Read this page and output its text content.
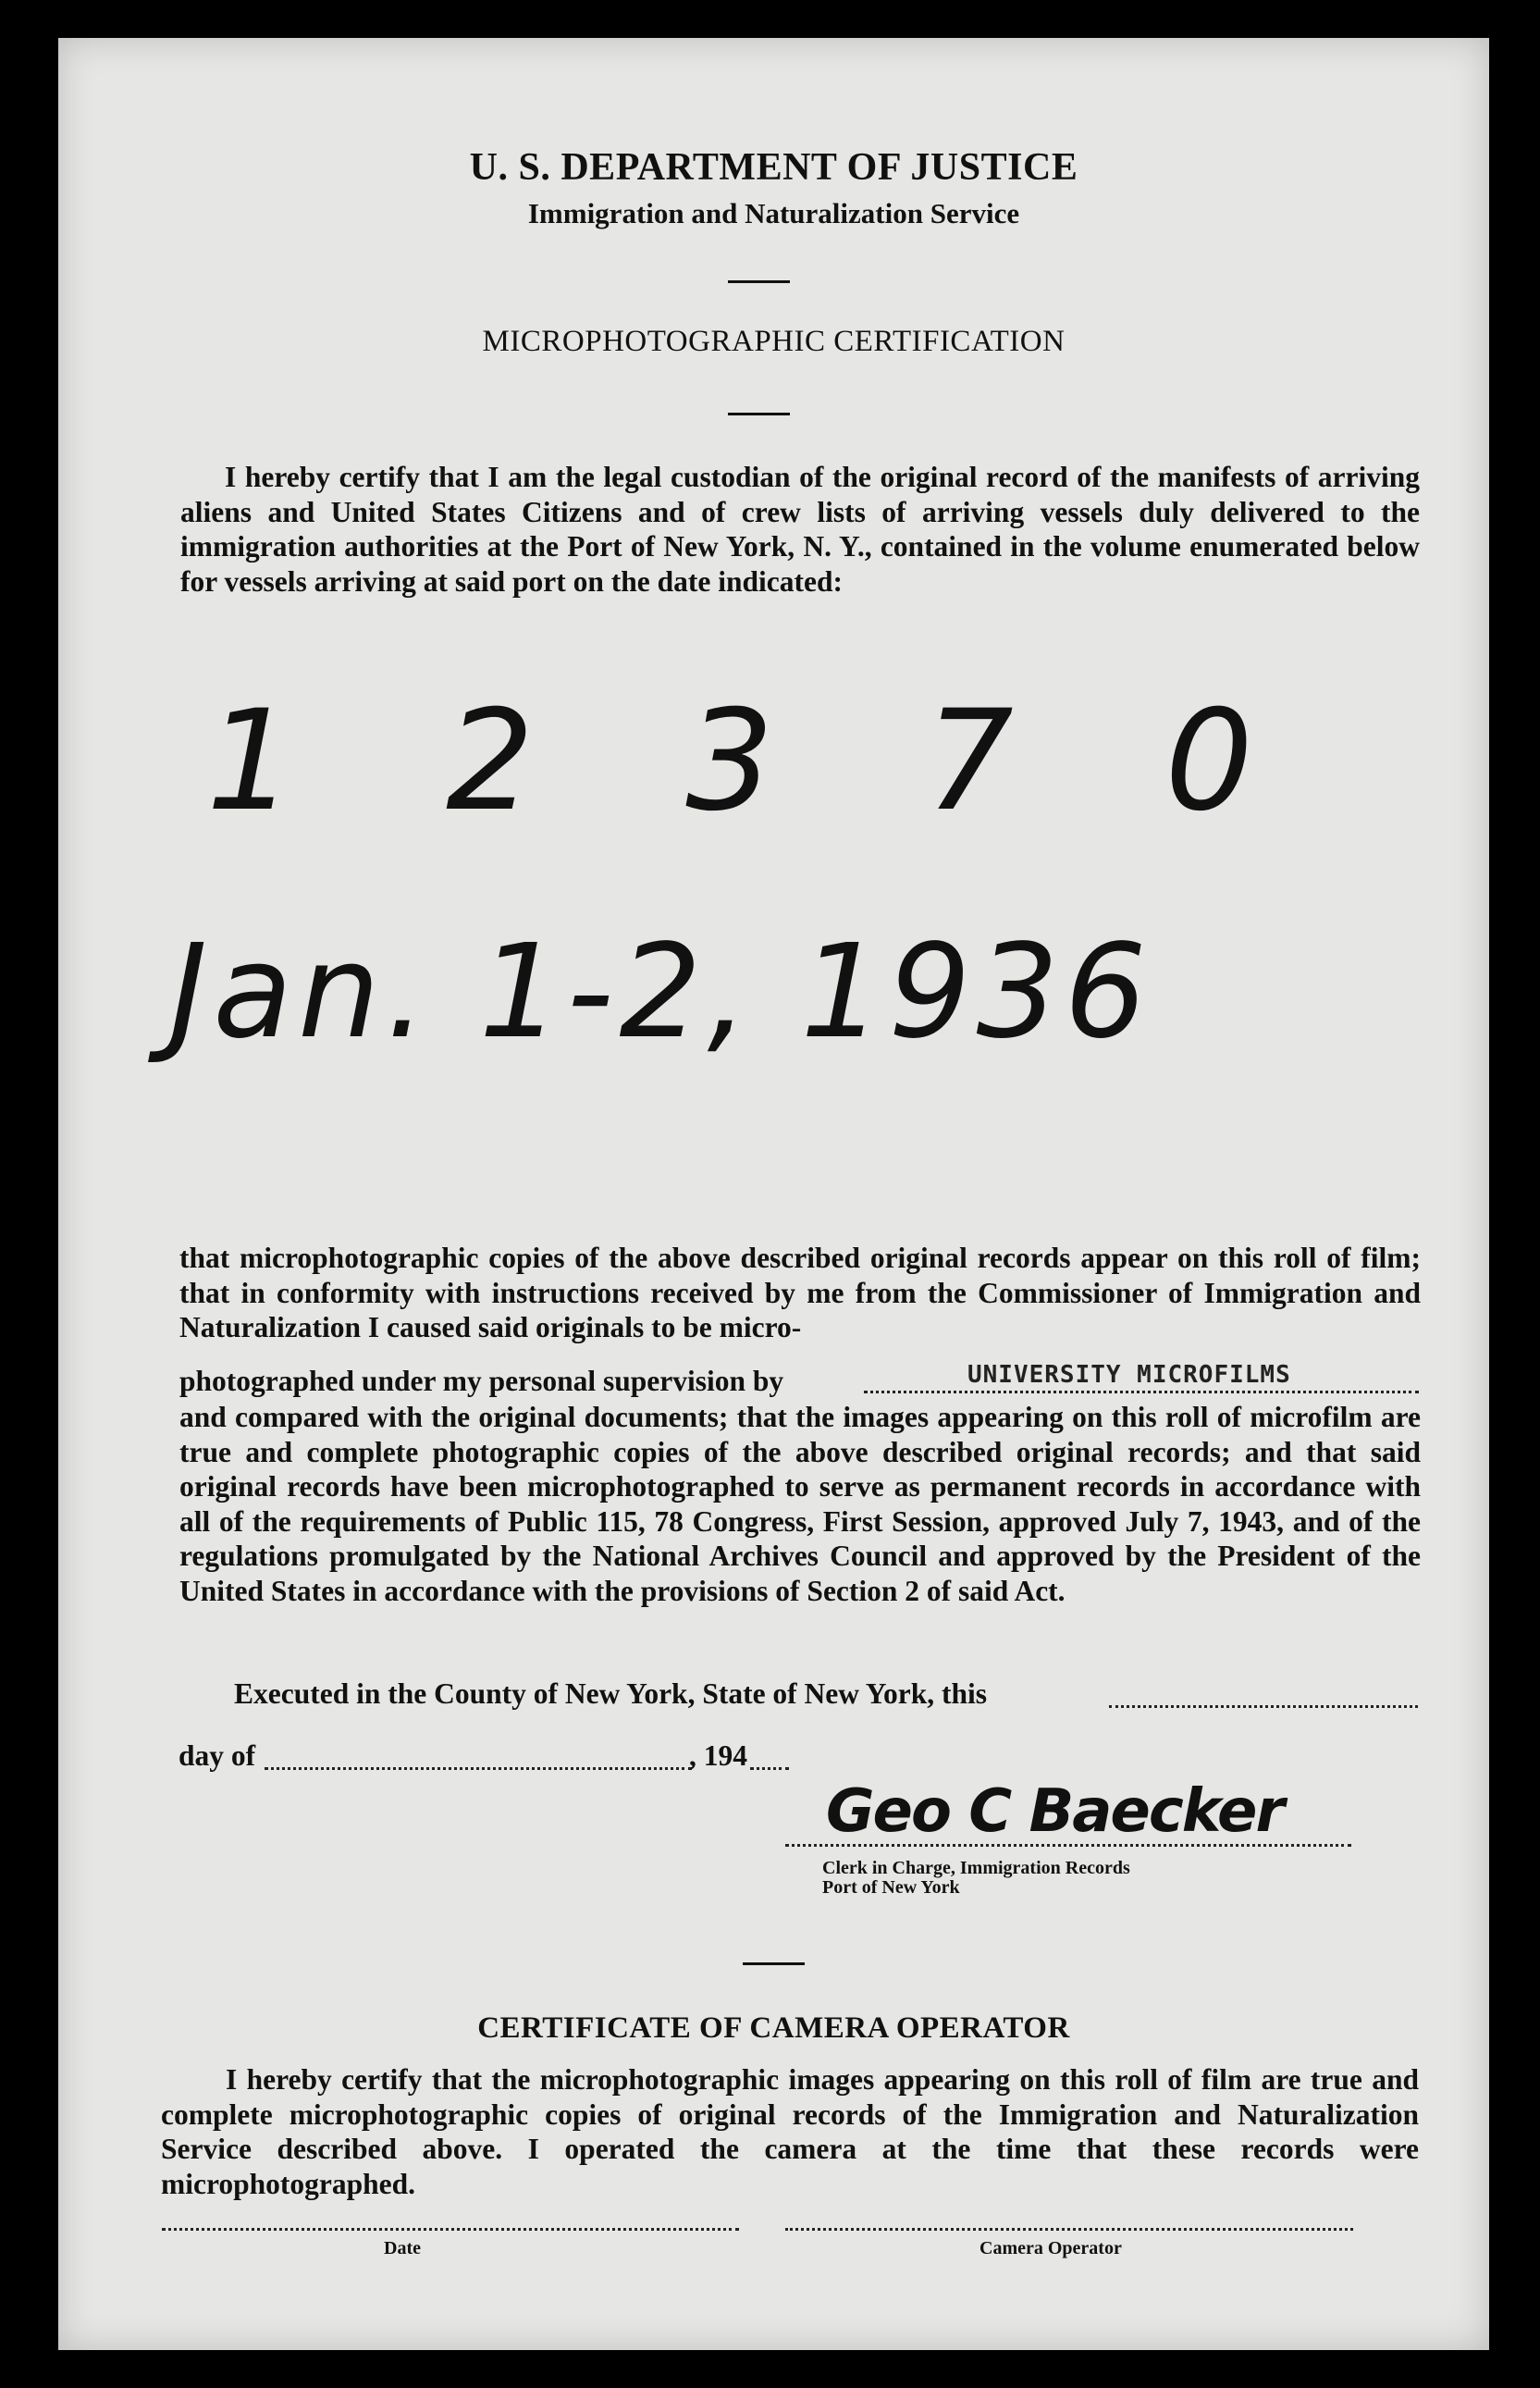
U. S. DEPARTMENT OF JUSTICE
Immigration and Naturalization Service
MICROPHOTOGRAPHIC CERTIFICATION
I hereby certify that I am the legal custodian of the original record of the manifests of arriving aliens and United States Citizens and of crew lists of arriving vessels duly delivered to the immigration authorities at the Port of New York, N. Y., contained in the volume enumerated below for vessels arriving at said port on the date indicated:
1 2 3 7 0
Jan. 1-2, 1936
that microphotographic copies of the above described original records appear on this roll of film; that in conformity with instructions received by me from the Commissioner of Immigration and Naturalization I caused said originals to be micro-
photographed under my personal supervision by	UNIVERSITY MICROFILMS
and compared with the original documents; that the images appearing on this roll of microfilm are true and complete photographic copies of the above described original records; and that said original records have been microphotographed to serve as permanent records in accordance with all of the requirements of Public 115, 78 Congress, First Session, approved July 7, 1943, and of the regulations promulgated by the National Archives Council and approved by the President of the United States in accordance with the provisions of Section 2 of said Act.
Executed in the County of New York, State of New York, this
day of	, 194
Geo C Baecker
Clerk in Charge, Immigration Records
Port of New York
CERTIFICATE OF CAMERA OPERATOR
I hereby certify that the microphotographic images appearing on this roll of film are true and complete microphotographic copies of original records of the Immigration and Naturalization Service described above. I operated the camera at the time that these records were microphotographed.
Date	Camera Operator
